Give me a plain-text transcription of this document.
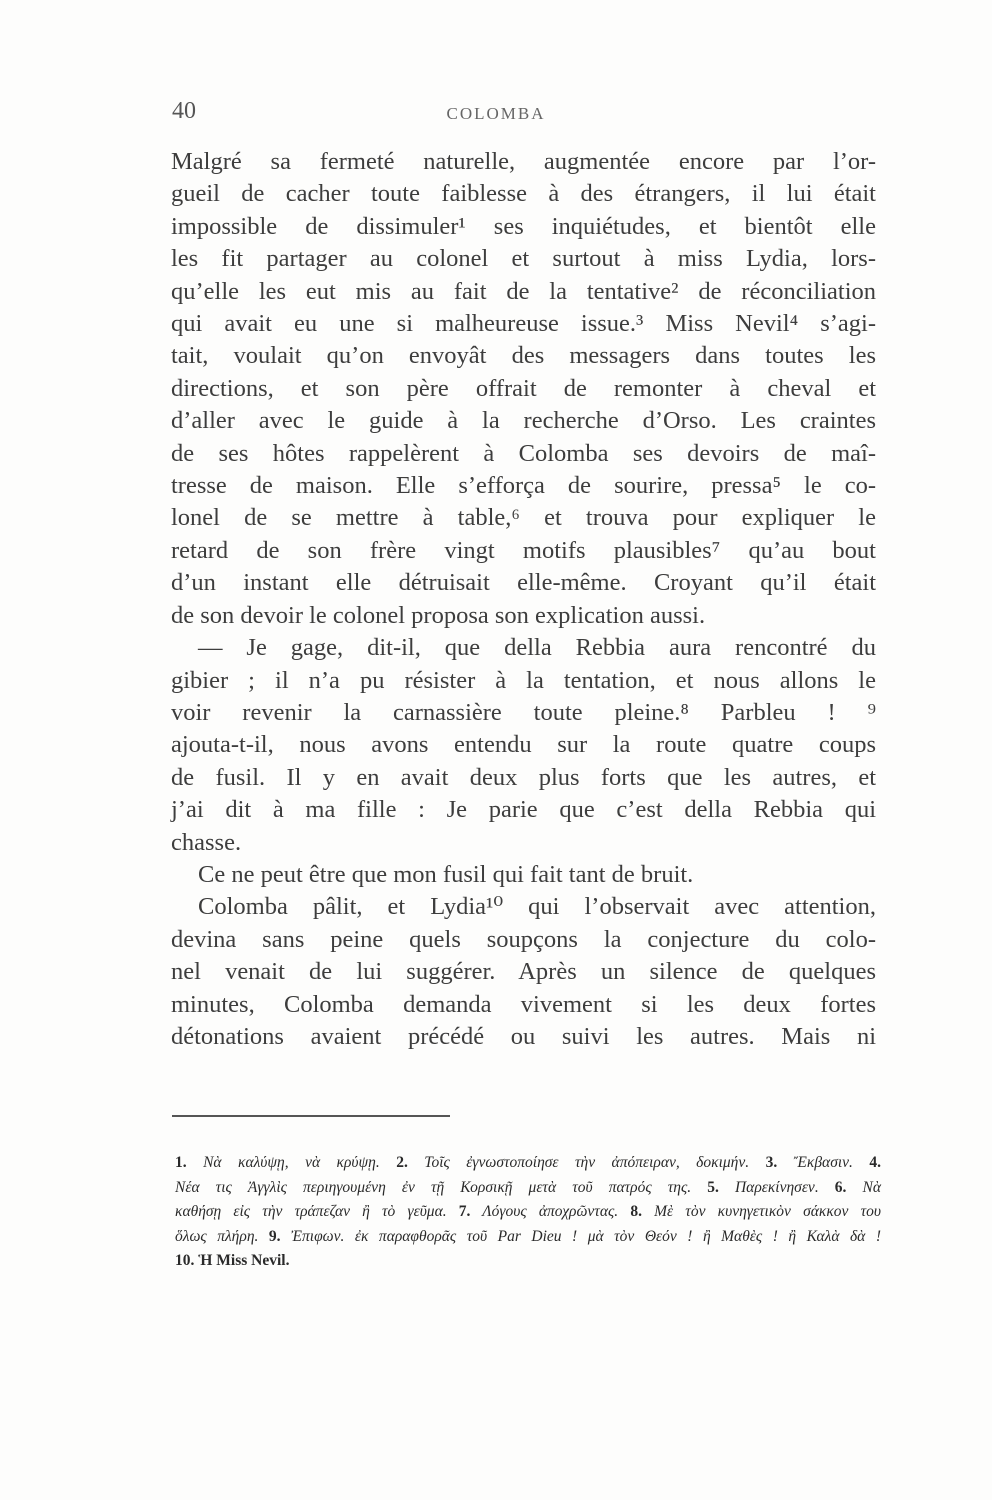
40	COLOMBA
Malgré sa fermeté naturelle, augmentée encore par l’or-
gueil de cacher toute faiblesse à des étrangers, il lui était
impossible de dissimuler¹ ses inquiétudes, et bientôt elle
les fit partager au colonel et surtout à miss Lydia, lors-
qu’elle les eut mis au fait de la tentative² de réconciliation
qui avait eu une si malheureuse issue.³ Miss Nevil⁴ s’agi-
tait, voulait qu’on envoyât des messagers dans toutes les
directions, et son père offrait de remonter à cheval et
d’aller avec le guide à la recherche d’Orso. Les craintes
de ses hôtes rappelèrent à Colomba ses devoirs de maî-
tresse de maison. Elle s’efforça de sourire, pressa⁵ le co-
lonel de se mettre à table,⁶ et trouva pour expliquer le
retard de son frère vingt motifs plausibles⁷ qu’au bout
d’un instant elle détruisait elle-même. Croyant qu’il était
de son devoir le colonel proposa son explication aussi.
— Je gage, dit-il, que della Rebbia aura rencontré du
gibier ; il n’a pu résister à la tentation, et nous allons le
voir revenir la carnassière toute pleine.⁸ Parbleu ! ⁹
ajouta-t-il, nous avons entendu sur la route quatre coups
de fusil. Il y en avait deux plus forts que les autres, et
j’ai dit à ma fille : Je parie que c’est della Rebbia qui
chasse.
Ce ne peut être que mon fusil qui fait tant de bruit.
Colomba pâlit, et Lydia¹⁰ qui l’observait avec attention,
devina sans peine quels soupçons la conjecture du colo-
nel venait de lui suggérer. Après un silence de quelques
minutes, Colomba demanda vivement si les deux fortes
détonations avaient précédé ou suivi les autres. Mais ni
1. Νὰ καλύψῃ, νὰ κρύψῃ. 2. Τοῖς ἐγνωστοποίησε τὴν ἀπόπειραν, δοκιμήν. 3. Ἔκβασιν. 4.
Νέα τις Ἀγγλὶς περιηγουμένη ἐν τῇ Κορσικῇ μετὰ τοῦ πατρός της. 5. Παρεκίνησεν. 6. Νὰ
καθήσῃ εἰς τὴν τράπεζαν ἢ τὸ γεῦμα. 7. Λόγους ἀποχρῶντας. 8. Μὲ τὸν κυνηγετικὸν σάκκον του
ὅλως πλήρη. 9. Ἐπιφων. ἐκ παραφθορᾶς τοῦ Par Dieu ! μὰ τὸν Θεόν ! ἢ Μαθὲς ! ἢ Καλὰ δὰ !
10. Ἡ Miss Nevil.
